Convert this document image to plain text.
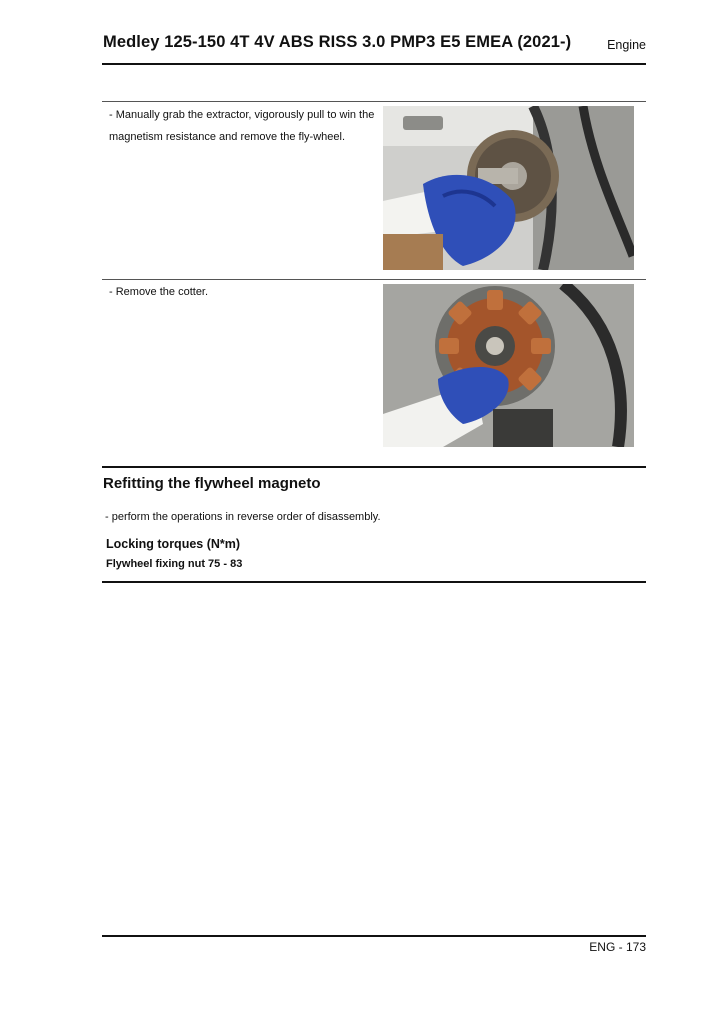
Medley 125-150 4T 4V ABS RISS 3.0 PMP3 E5 EMEA (2021-)	Engine
- Manually grab the extractor, vigorously pull to win the magnetism resistance and remove the fly-wheel.
- Remove the cotter.
Refitting the flywheel magneto
- perform the operations in reverse order of disassembly.
Locking torques (N*m)
Flywheel fixing nut 75 - 83
ENG - 173
